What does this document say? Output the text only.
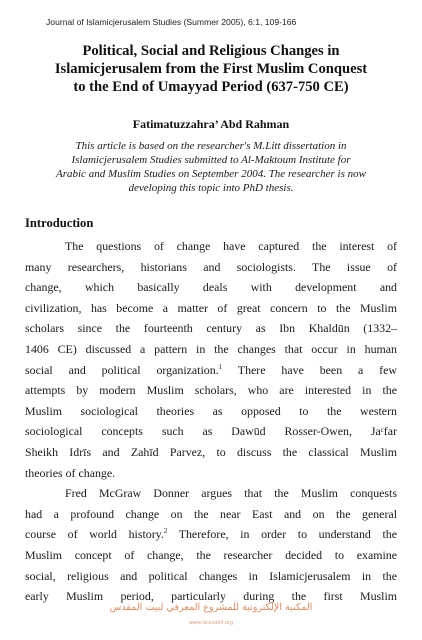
Journal of Islamicjerusalem Studies (Summer 2005), 6:1, 109-166
Political, Social and Religious Changes in
Islamicjerusalem from the First Muslim Conquest
to the End of Umayyad Period (637-750 CE)
Fatimatuzzahra’ Abd Rahman
This article is based on the researcher's M.Litt dissertation in
Islamicjerusalem Studies submitted to Al-Maktoum Institute for
Arabic and Muslim Studies on September 2004. The researcher is now
developing this topic into PhD thesis.
Introduction
The questions of change have captured the interest of
many researchers, historians and sociologists. The issue of
change, which basically deals with development and
civilization, has become a matter of great concern to the Muslim
scholars since the fourteenth century as Ibn Khaldūn (1332–
1406 CE) discussed a pattern in the changes that occur in human
social and political organization.$^1$ There have been a few
attempts by modern Muslim scholars, who are interested in the
Muslim sociological theories as opposed to the western
sociological concepts such as Dawūd Rosser-Owen, Jaᶜfar
Sheikh Idrīs and Zahīd Parvez, to discuss the classical Muslim
theories of change.
Fred McGraw Donner argues that the Muslim conquests
had a profound change on the near East and on the general
course of world history.$^2$ Therefore, in order to understand the
Muslim concept of change, the researcher decided to examine
social, religious and political changes in Islamicjerusalem in the
early Muslim period, particularly during the first Muslim
المكتبة الإلكترونية للمشروع المعرفي لبيت المقدس
www.isravakfi.org
